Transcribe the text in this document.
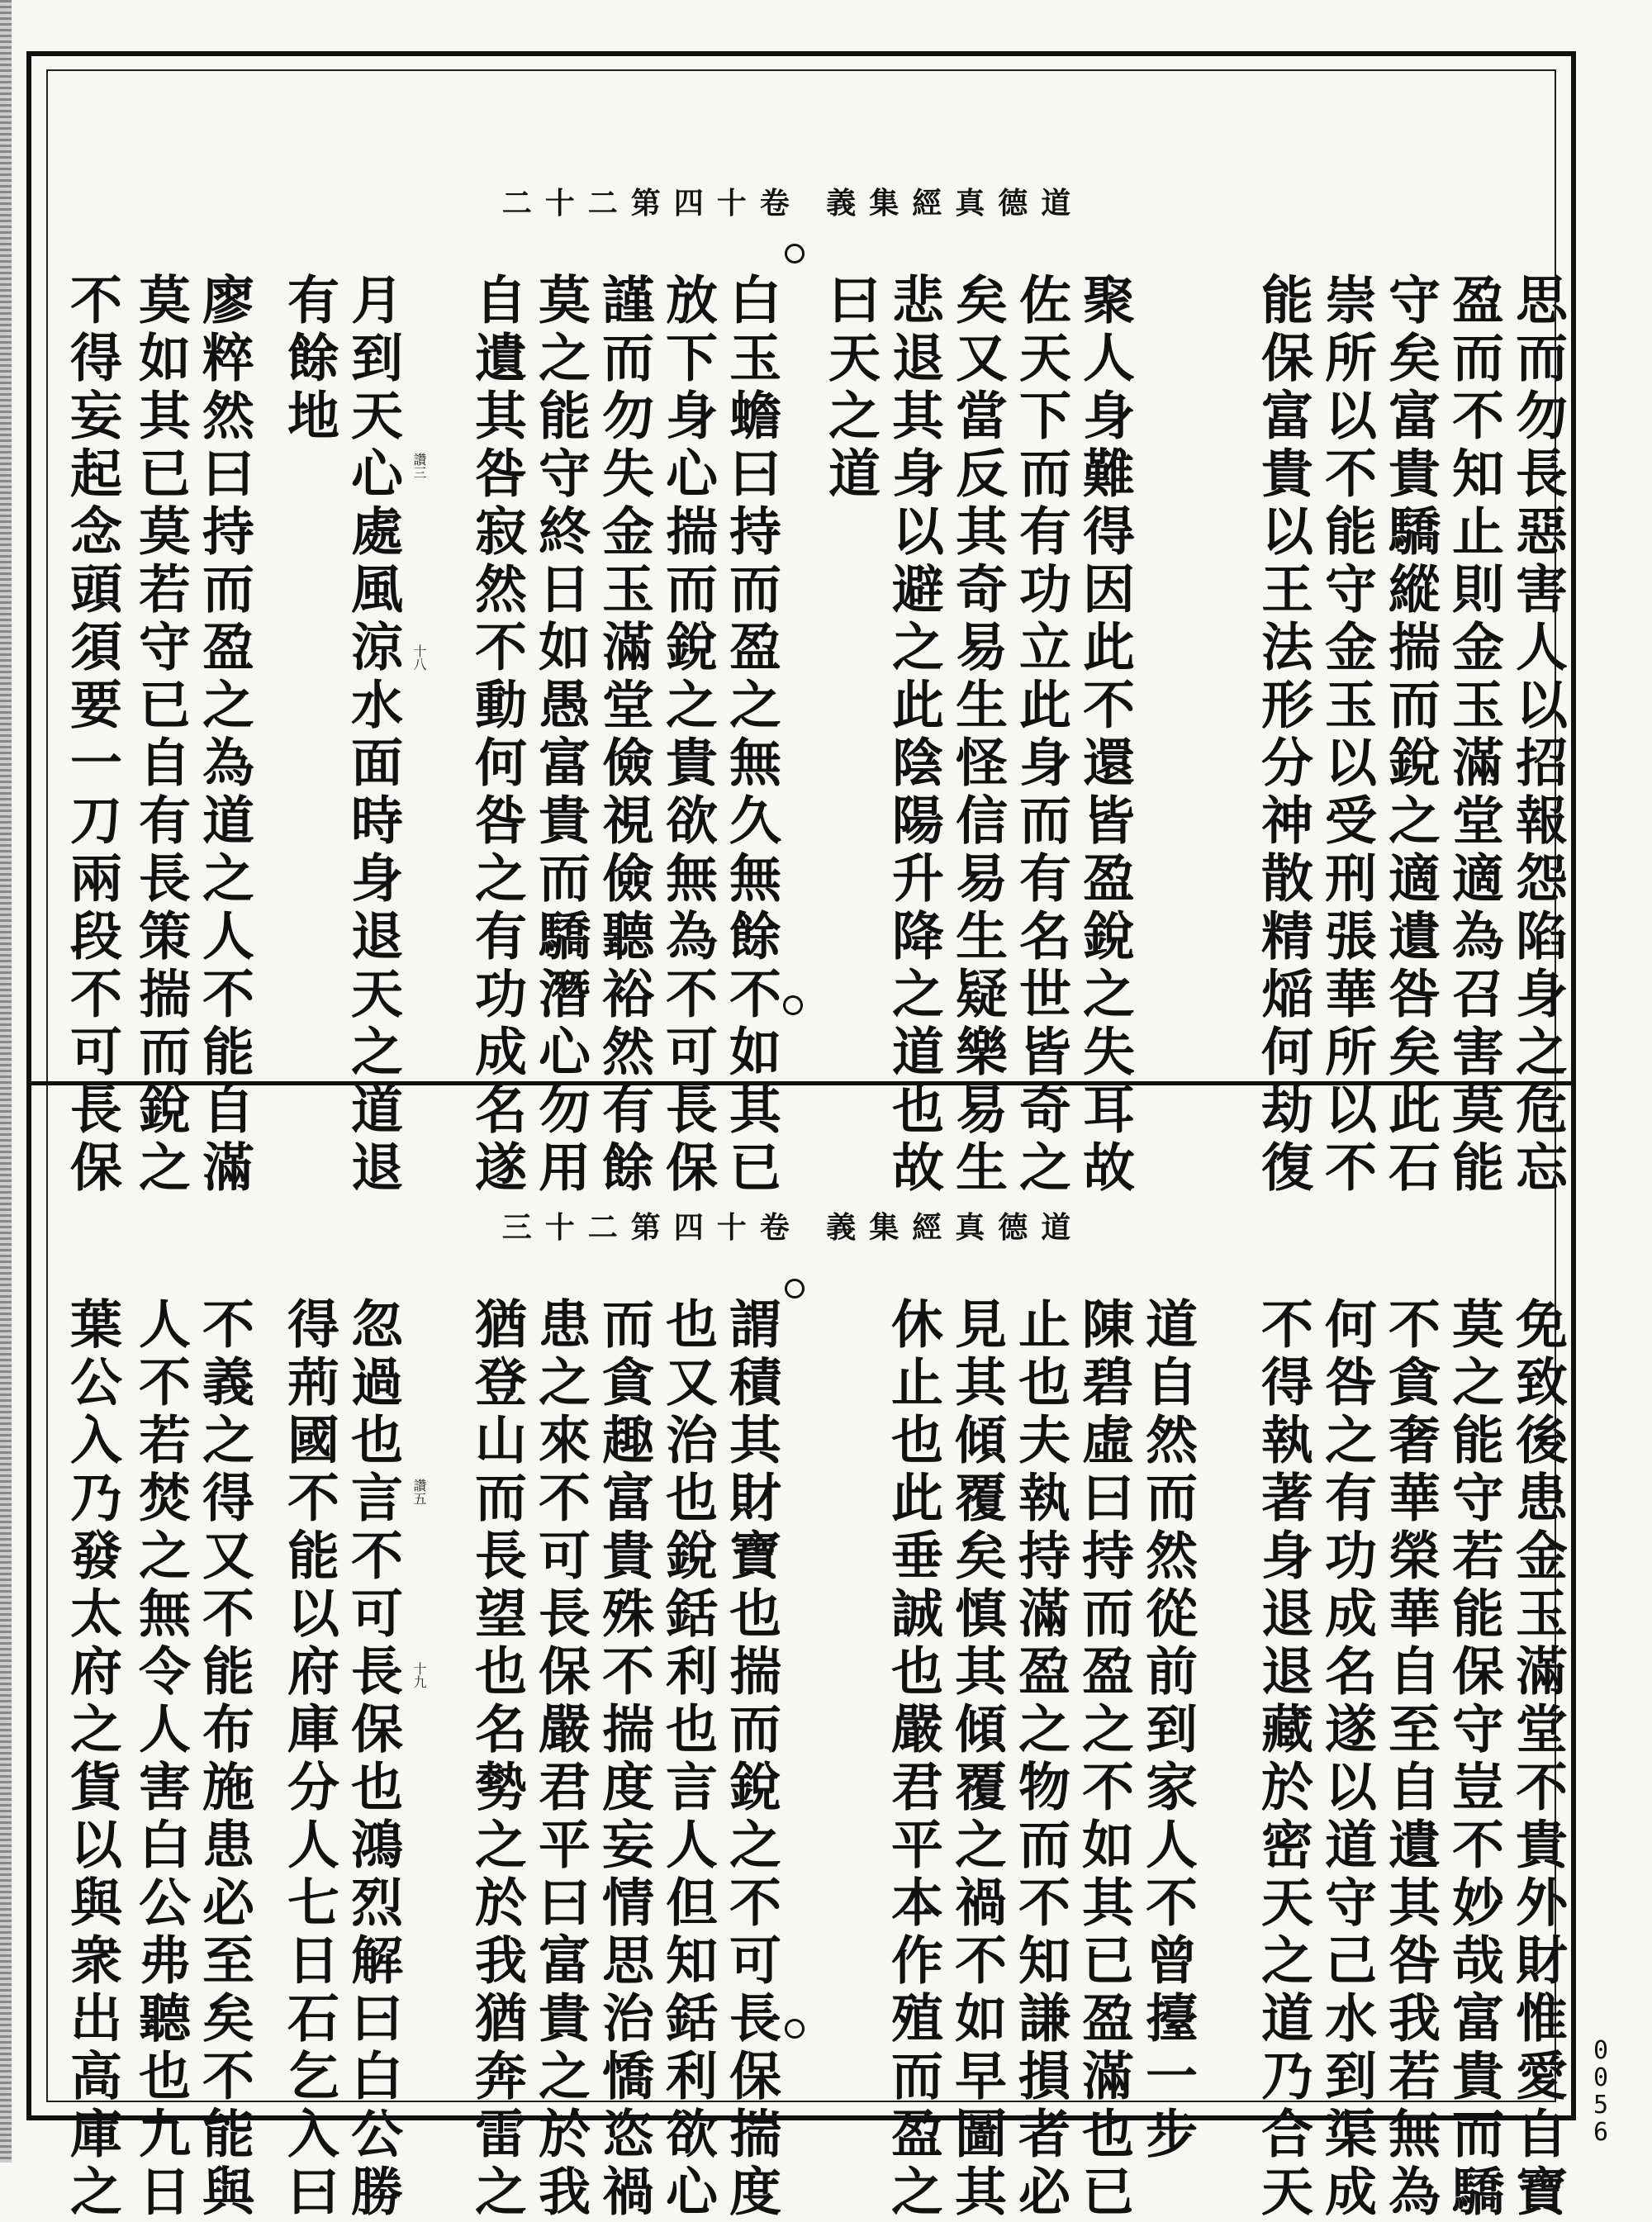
道德真經集義 卷十四第二十二
思而勿長惡害人以招報怨陷身之危忘
盈而不知止則金玉滿堂適為召害莫能
守矣富貴驕縱揣而銳之適遺咎矣此石
崇所以不能守金玉以受刑張華所以不
能保富貴以王法形分神散精㷔何劫復
聚人身難得因此不還皆盈銳之失耳故
佐天下而有功立此身而有名世皆奇之
矣又當反其奇易生怪信易生疑樂易生
悲退其身以避之此陰陽升降之道也故
曰天之道
白玉蟾曰持而盈之無久無餘不如其已
放下身心揣而銳之貴欲無為不可長保
謹而勿失金玉滿堂儉視儉聽裕然有餘
莫之能守終日如愚富貴而驕潛心勿用
自遺其咎寂然不動何咎之有功成名遂
月到天心處風涼水面時身退天之道退
有餘地
廖粹然曰持而盈之為道之人不能自滿
莫如其已莫若守已自有長策揣而銳之
不得妄起念頭須要一刀兩段不可長保	十八
讚三
道德真經集義 卷十四第二十三
免致後患金玉滿堂不貴外財惟愛自寶
莫之能守若能保守豈不妙哉富貴而驕
不貪奢華榮華自至自遺其咎我若無為
何咎之有功成名遂以道守己水到渠成
不得執著身退退藏於密天之道乃合天
道自然而然從前到家人不曾擡一步
陳碧虛曰持而盈之不如其已盈滿也已
止也夫執持滿盈之物而不知謙損者必
見其傾覆矣慎其傾覆之禍不如早圖其
休止也此垂誠也嚴君平本作殖而盈之
謂積其財寶也揣而銳之不可長保揣度
也又治也銳銛利也言人但知銛利欲心
而貪趣富貴殊不揣度妄情思治憍恣禍
患之來不可長保嚴君平曰富貴之於我
猶登山而長望也名勢之於我猶奔雷之
忽過也言不可長保也鴻烈解曰白公勝
得荊國不能以府庫分人七日石乞入曰
不義之得又不能布施患必至矣不能與
人不若焚之無令人害白公弗聽也九日
葉公入乃發太府之貨以與衆出高庫之	十九
讚五
0
0
5
6
